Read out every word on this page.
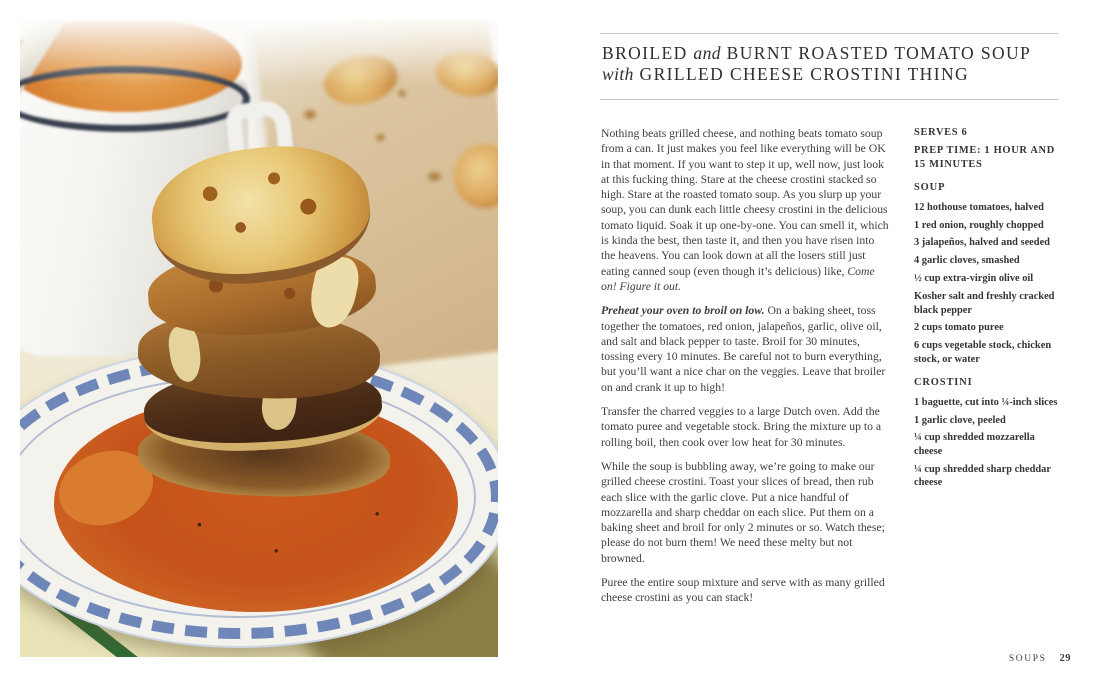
BROILED and BURNT ROASTED TOMATO SOUP
with GRILLED CHEESE CROSTINI THING

Nothing beats grilled cheese, and nothing beats tomato soup from a can. It just makes you feel like everything will be OK in that moment. If you want to step it up, well now, just look at this fucking thing. Stare at the cheese crostini stacked so high. Stare at the roasted tomato soup. As you slurp up your soup, you can dunk each little cheesy crostini in the delicious tomato liquid. Soak it up one-by-one. You can smell it, which is kinda the best, then taste it, and then you have risen into the heavens. You can look down at all the losers still just eating canned soup (even though it’s delicious) like, Come on! Figure it out.

Preheat your oven to broil on low. On a baking sheet, toss together the tomatoes, red onion, jalapeños, garlic, olive oil, and salt and black pepper to taste. Broil for 30 minutes, tossing every 10 minutes. Be careful not to burn everything, but you’ll want a nice char on the veggies. Leave that broiler on and crank it up to high!

Transfer the charred veggies to a large Dutch oven. Add the tomato puree and vegetable stock. Bring the mixture up to a rolling boil, then cook over low heat for 30 minutes.

While the soup is bubbling away, we’re going to make our grilled cheese crostini. Toast your slices of bread, then rub each slice with the garlic clove. Put a nice handful of mozzarella and sharp cheddar on each slice. Put them on a baking sheet and broil for only 2 minutes or so. Watch these; please do not burn them! We need these melty but not browned.

Puree the entire soup mixture and serve with as many grilled cheese crostini as you can stack!

SERVES 6
PREP TIME: 1 HOUR AND 15 MINUTES
SOUP
12 hothouse tomatoes, halved
1 red onion, roughly chopped
3 jalapeños, halved and seeded
4 garlic cloves, smashed
½ cup extra-virgin olive oil
Kosher salt and freshly cracked black pepper
2 cups tomato puree
6 cups vegetable stock, chicken stock, or water
CROSTINI
1 baguette, cut into ¼-inch slices
1 garlic clove, peeled
¼ cup shredded mozzarella cheese
¼ cup shredded sharp cheddar cheese
SOUPS 29
